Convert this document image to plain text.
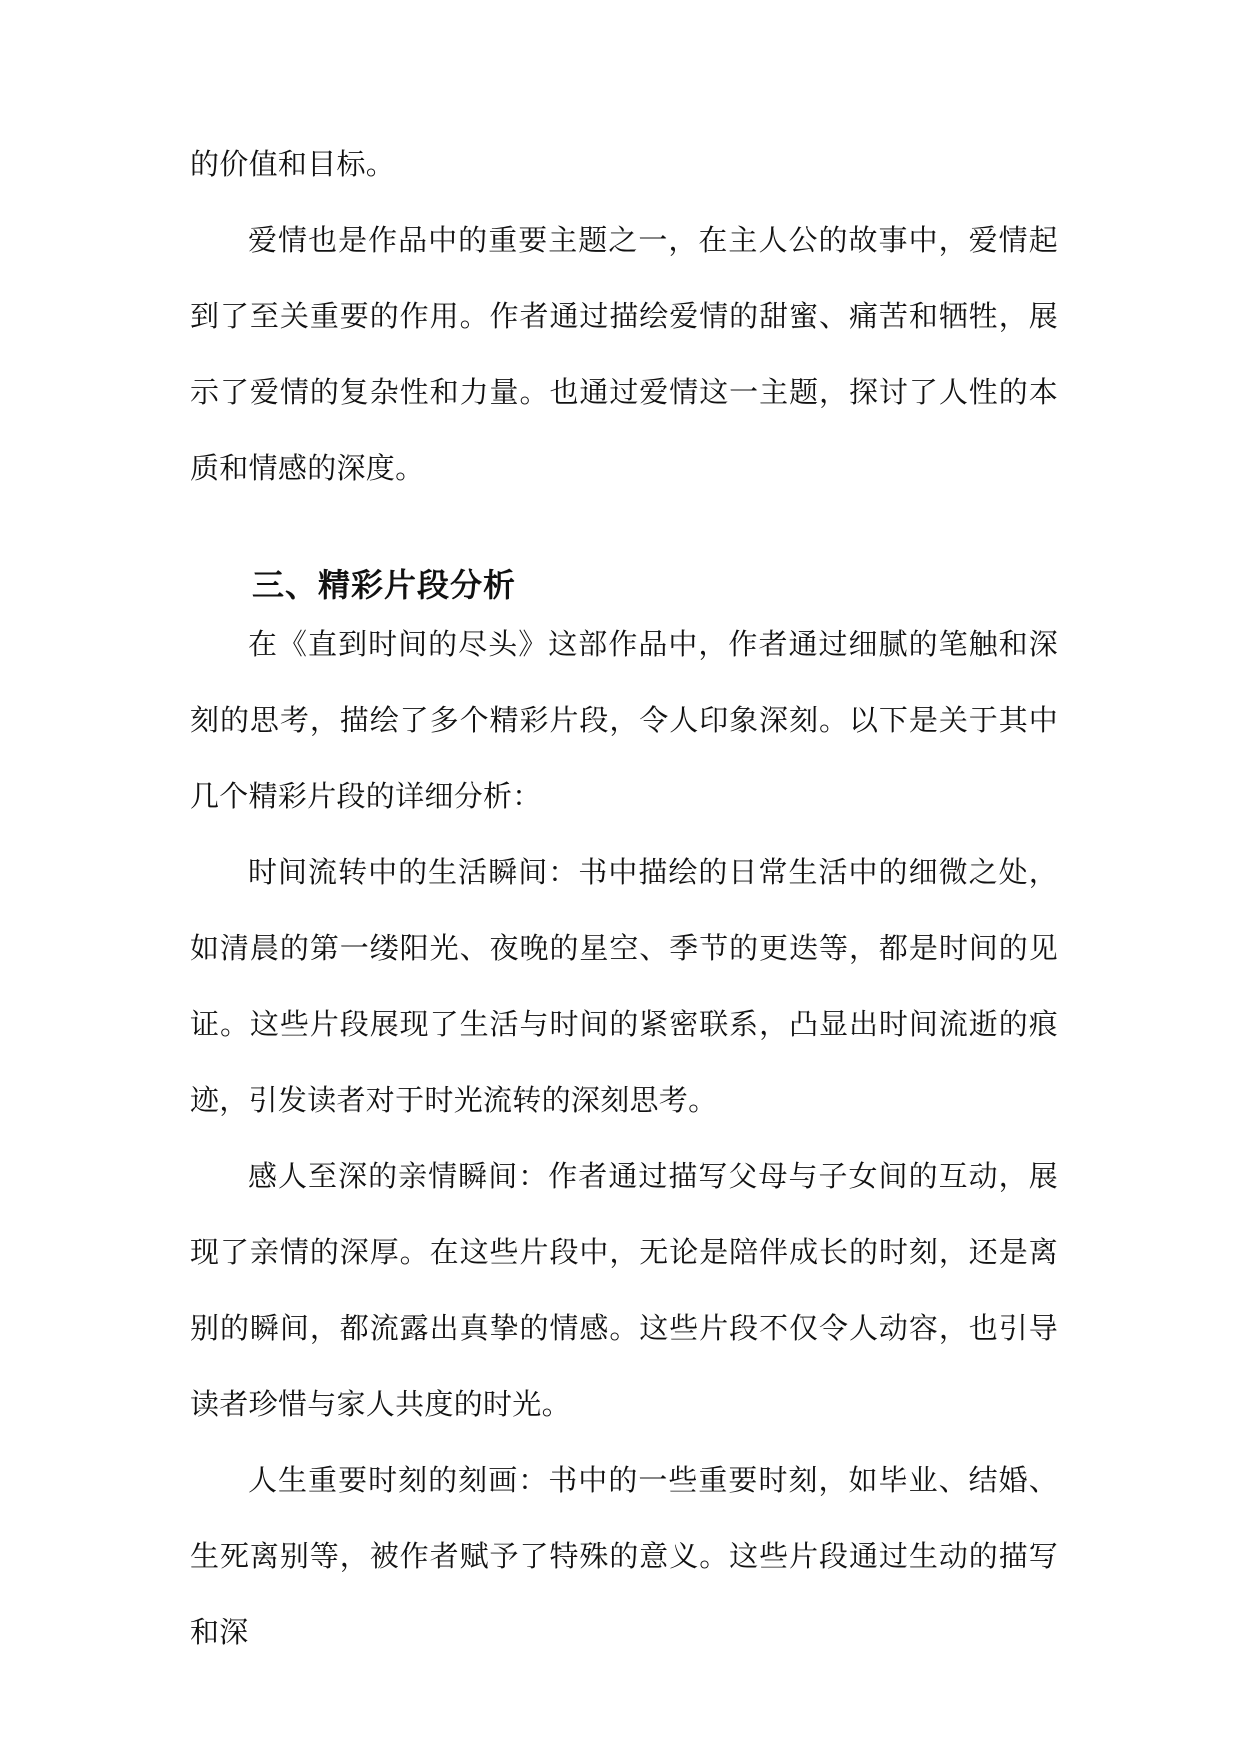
的价值和目标。

爱情也是作品中的重要主题之一，在主人公的故事中，爱情起到了至关重要的作用。作者通过描绘爱情的甜蜜、痛苦和牺牲，展示了爱情的复杂性和力量。也通过爱情这一主题，探讨了人性的本质和情感的深度。

三、精彩片段分析

在《直到时间的尽头》这部作品中，作者通过细腻的笔触和深刻的思考，描绘了多个精彩片段，令人印象深刻。以下是关于其中几个精彩片段的详细分析：

时间流转中的生活瞬间：书中描绘的日常生活中的细微之处，如清晨的第一缕阳光、夜晚的星空、季节的更迭等，都是时间的见证。这些片段展现了生活与时间的紧密联系，凸显出时间流逝的痕迹，引发读者对于时光流转的深刻思考。

感人至深的亲情瞬间：作者通过描写父母与子女间的互动，展现了亲情的深厚。在这些片段中，无论是陪伴成长的时刻，还是离别的瞬间，都流露出真挚的情感。这些片段不仅令人动容，也引导读者珍惜与家人共度的时光。

人生重要时刻的刻画：书中的一些重要时刻，如毕业、结婚、生死离别等，被作者赋予了特殊的意义。这些片段通过生动的描写和深
